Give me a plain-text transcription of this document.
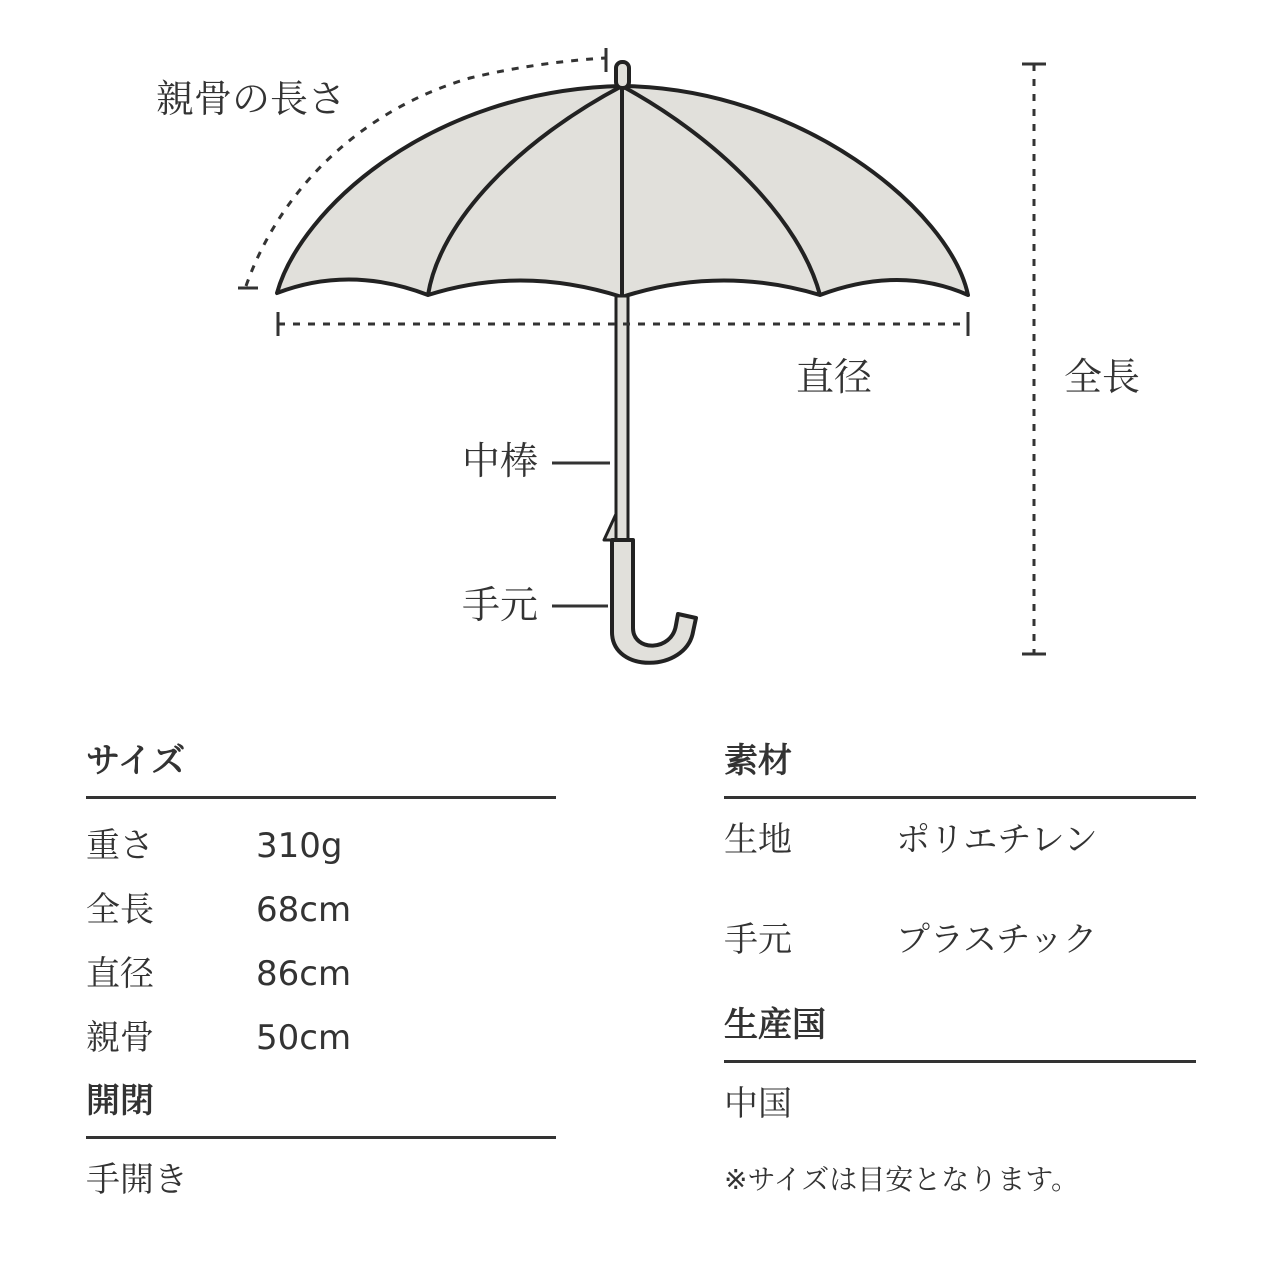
親骨の長さ
直径	全長
中棒
手元
サイズ
重さ	310g
全長	68cm
直径	86cm
親骨	50cm
開閉
手開き
素材
生地	ポリエチレン
手元	プラスチック
生産国
中国
※サイズは目安となります。
